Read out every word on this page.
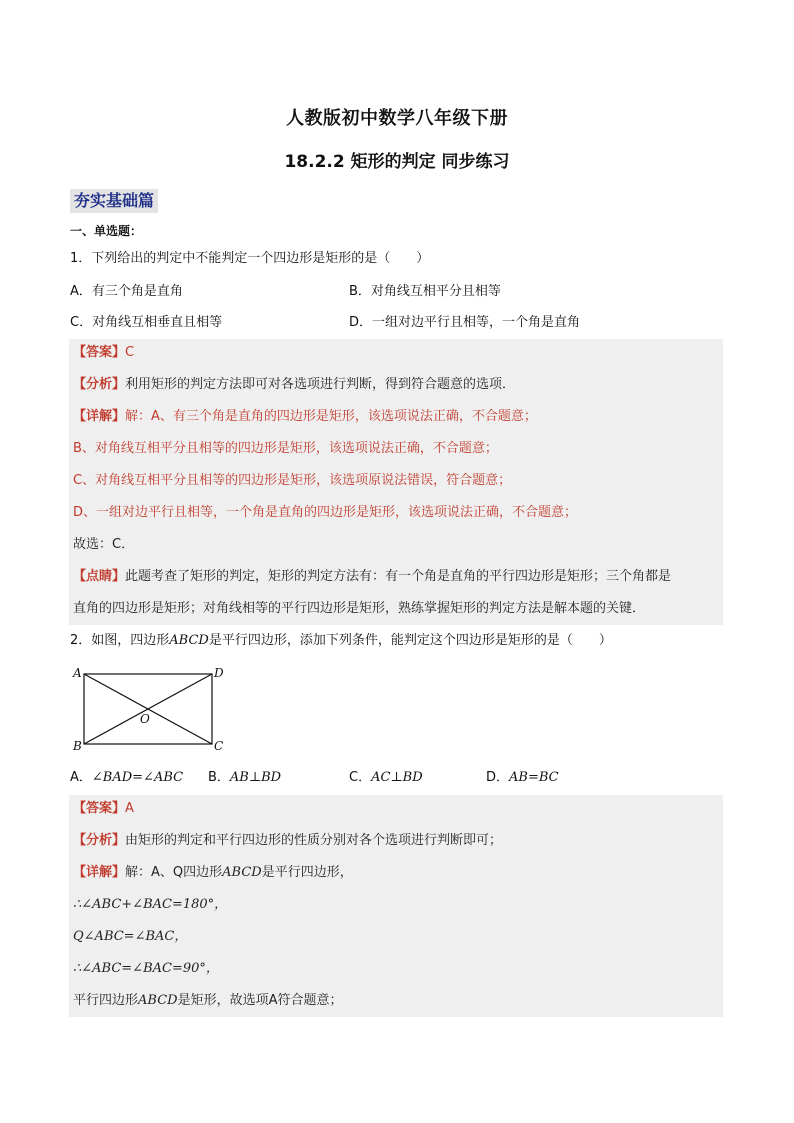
人教版初中数学八年级下册
18.2.2 矩形的判定 同步练习
夯实基础篇
一、单选题：
1．下列给出的判定中不能判定一个四边形是矩形的是（　　）
A．有三个角是直角	B．对角线互相平分且相等
C．对角线互相垂直且相等	D．一组对边平行且相等，一个角是直角
【答案】C
【分析】利用矩形的判定方法即可对各选项进行判断，得到符合题意的选项．
【详解】解：A、有三个角是直角的四边形是矩形，该选项说法正确，不合题意；
B、对角线互相平分且相等的四边形是矩形，该选项说法正确，不合题意；
C、对角线互相平分且相等的四边形是矩形，该选项原说法错误，符合题意；
D、一组对边平行且相等，一个角是直角的四边形是矩形，该选项说法正确，不合题意；
故选：C．
【点睛】此题考查了矩形的判定，矩形的判定方法有：有一个角是直角的平行四边形是矩形；三个角都是
直角的四边形是矩形；对角线相等的平行四边形是矩形，熟练掌握矩形的判定方法是解本题的关键．
2．如图，四边形ABCD是平行四边形，添加下列条件，能判定这个四边形是矩形的是（　　）
A	D
B	C
O
A．∠BAD=∠ABC B．AB⊥BD	C．AC⊥BD	D．AB=BC
【答案】A
【分析】由矩形的判定和平行四边形的性质分别对各个选项进行判断即可；
【详解】解：A、Q四边形ABCD是平行四边形，
∴∠ABC+∠BAC=180°，
Q∠ABC=∠BAC，
∴∠ABC=∠BAC=90°，
平行四边形ABCD是矩形，故选项A符合题意；
